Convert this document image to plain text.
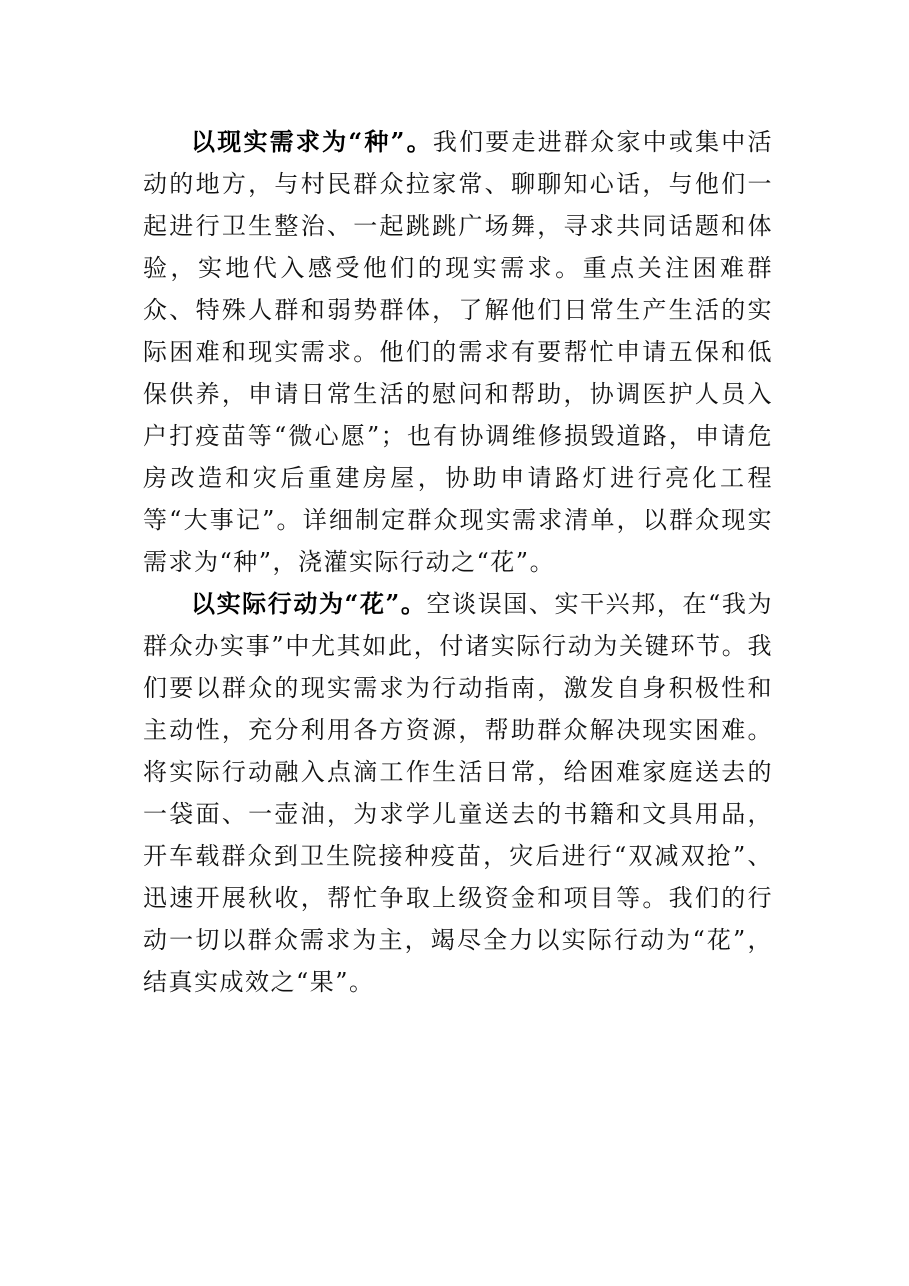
以现实需求为“种”。我们要走进群众家中或集中活动的地方，与村民群众拉家常、聊聊知心话，与他们一起进行卫生整治、一起跳跳广场舞，寻求共同话题和体验，实地代入感受他们的现实需求。重点关注困难群众、特殊人群和弱势群体，了解他们日常生产生活的实际困难和现实需求。他们的需求有要帮忙申请五保和低保供养，申请日常生活的慰问和帮助，协调医护人员入户打疫苗等“微心愿”；也有协调维修损毁道路，申请危房改造和灾后重建房屋，协助申请路灯进行亮化工程等“大事记”。详细制定群众现实需求清单，以群众现实需求为“种”，浇灌实际行动之“花”。

以实际行动为“花”。空谈误国、实干兴邦，在“我为群众办实事”中尤其如此，付诸实际行动为关键环节。我们要以群众的现实需求为行动指南，激发自身积极性和主动性，充分利用各方资源，帮助群众解决现实困难。将实际行动融入点滴工作生活日常，给困难家庭送去的一袋面、一壶油，为求学儿童送去的书籍和文具用品，开车载群众到卫生院接种疫苗，灾后进行“双减双抢”、迅速开展秋收，帮忙争取上级资金和项目等。我们的行动一切以群众需求为主，竭尽全力以实际行动为“花”，结真实成效之“果”。
